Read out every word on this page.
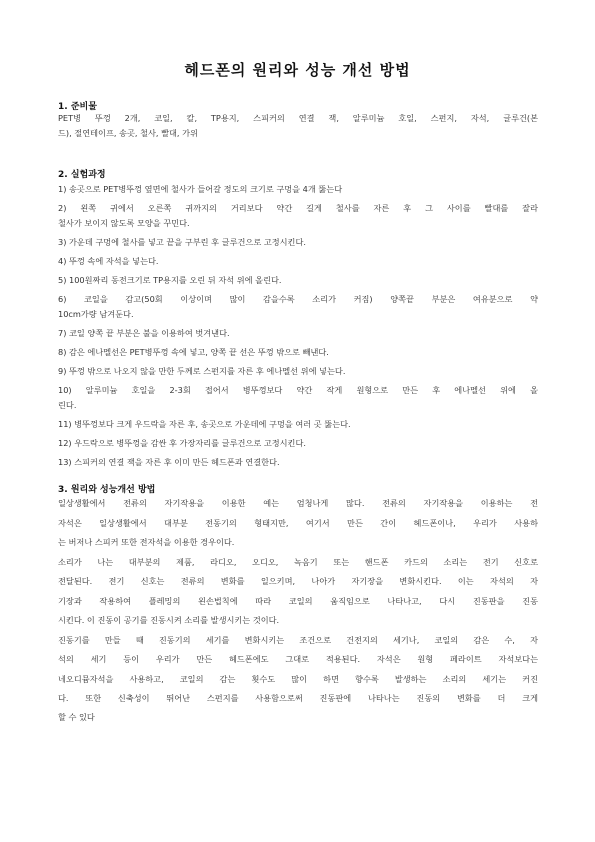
헤드폰의 원리와 성능 개선 방법
1. 준비물
PET병 뚜껑 2개, 코일, 칼, TP용지, 스피커의 연결 잭, 알루미늄 호일, 스펀지, 자석, 글루건(본
드), 절연테이프, 송곳, 철사, 빨대, 가위
2. 실험과정
1) 송곳으로 PET병뚜껑 옆면에 철사가 들어갈 정도의 크기로 구멍을 4개 뚫는다
2) 왼쪽 귀에서 오른쪽 귀까지의 거리보다 약간 길게 철사를 자른 후 그 사이를 빨대를 잘라
철사가 보이지 않도록 모양을 꾸민다.
3) 가운데 구멍에 철사를 넣고 끝을 구부린 후 글루건으로 고정시킨다.
4) 뚜껑 속에 자석을 넣는다.
5) 100원짜리 동전크기로 TP용지를 오린 뒤 자석 위에 올린다.
6) 코일을 감고(50회 이상이며 많이 감을수록 소리가 커짐) 양쪽끝 부분은 여유분으로 약
10cm가량 남겨둔다.
7) 코일 양쪽 끝 부분은 불을 이용하여 벗겨낸다.
8) 감은 에나멜선은 PET병뚜껑 속에 넣고, 양쪽 끝 선은 뚜껑 밖으로 빼낸다.
9) 뚜껑 밖으로 나오지 않을 만한 두께로 스펀지를 자른 후 에나멜선 위에 넣는다.
10) 알루미늄 호일을 2-3회 접어서 병뚜껑보다 약간 작게 원형으로 만든 후 에나멜선 위에 올
린다.
11) 병뚜껑보다 크게 우드락을 자른 후, 송곳으로 가운데에 구멍을 여러 곳 뚫는다.
12) 우드락으로 병뚜껑을 감싼 후 가장자리를 글루건으로 고정시킨다.
13) 스피커의 연결 잭을 자른 후 이미 만든 헤드폰과 연결한다.
3. 원리와 성능개선 방법
일상생활에서 전류의 자기작용을 이용한 예는 엄청나게 많다. 전류의 자기작용을 이용하는 전
자석은 일상생활에서 대부분 전동기의 형태지만, 여기서 만든 간이 헤드폰이나, 우리가 사용하
는 버저나 스피커 또한 전자석을 이용한 경우이다.
소리가 나는 대부분의 제품, 라디오, 오디오, 녹음기 또는 핸드폰 카드의 소리는 전기 신호로
전달된다. 전기 신호는 전류의 변화를 일으키며, 나아가 자기장을 변화시킨다. 이는 자석의 자
기장과 작용하여 플레밍의 왼손법칙에 따라 코일의 움직임으로 나타나고, 다시 진동판을 진동
시킨다. 이 진동이 공기를 진동시켜 소리를 발생시키는 것이다.
진동기를 만들 때 진동기의 세기를 변화시키는 조건으로 건전지의 세기나, 코일의 감은 수, 자
석의 세기 등이 우리가 만든 헤드폰에도 그대로 적용된다. 자석은 원형 페라이트 자석보다는
네오디뮴자석을 사용하고, 코일의 감는 횟수도 많이 하면 향수록 발생하는 소리의 세기는 커진
다. 또한 신축성이 뛰어난 스펀지를 사용함으로써 진동판에 나타나는 진동의 변화를 더 크게
할 수 있다
